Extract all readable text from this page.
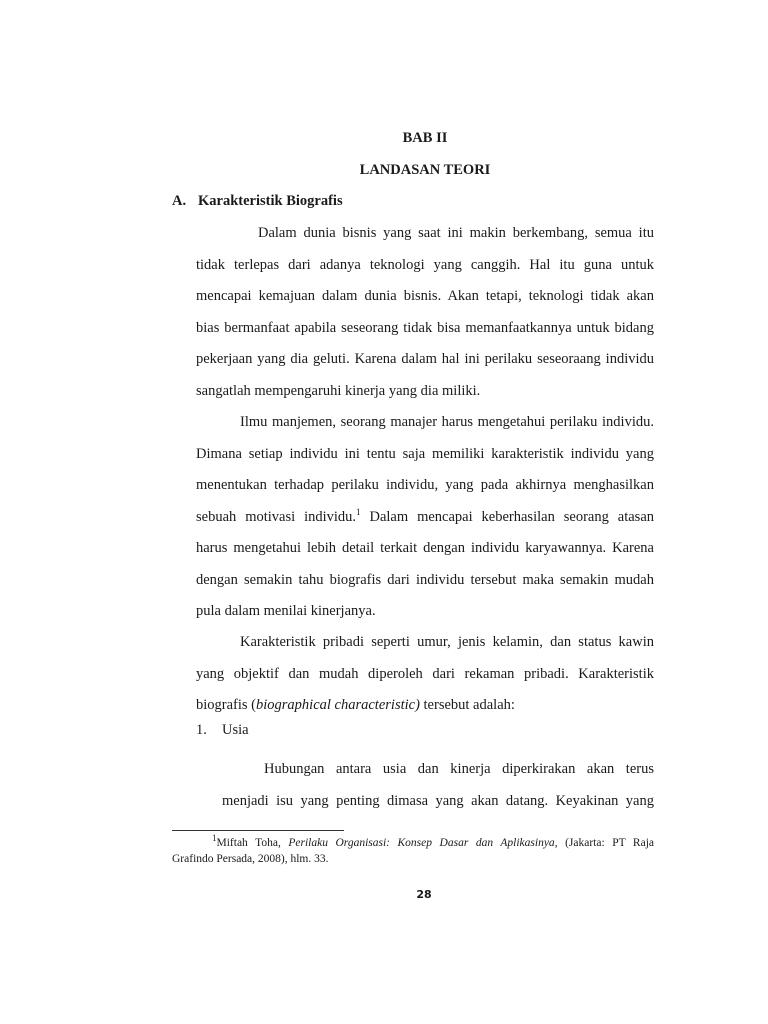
BAB II
LANDASAN TEORI
A. Karakteristik Biografis
Dalam dunia bisnis yang saat ini makin berkembang, semua itu
tidak terlepas dari adanya teknologi yang canggih. Hal itu guna untuk
mencapai kemajuan dalam dunia bisnis. Akan tetapi, teknologi tidak akan
bias bermanfaat apabila seseorang tidak bisa memanfaatkannya untuk bidang
pekerjaan yang dia geluti. Karena dalam hal ini perilaku seseoraang individu
sangatlah mempengaruhi kinerja yang dia miliki.
Ilmu manjemen, seorang manajer harus mengetahui perilaku individu.
Dimana setiap individu ini tentu saja memiliki karakteristik individu yang
menentukan terhadap perilaku individu, yang pada akhirnya menghasilkan
sebuah motivasi individu.$^1$ Dalam mencapai keberhasilan seorang atasan
harus mengetahui lebih detail terkait dengan individu karyawannya. Karena
dengan semakin tahu biografis dari individu tersebut maka semakin mudah
pula dalam menilai kinerjanya.
Karakteristik pribadi seperti umur, jenis kelamin, dan status kawin
yang objektif dan mudah diperoleh dari rekaman pribadi. Karakteristik
biografis (biographical characteristic) tersebut adalah:
1. Usia
Hubungan antara usia dan kinerja diperkirakan akan terus
menjadi isu yang penting dimasa yang akan datang. Keyakinan yang
$^1$Miftah Toha, Perilaku Organisasi: Konsep Dasar dan Aplikasinya, (Jakarta: PT Raja
Grafindo Persada, 2008), hlm. 33.
28
